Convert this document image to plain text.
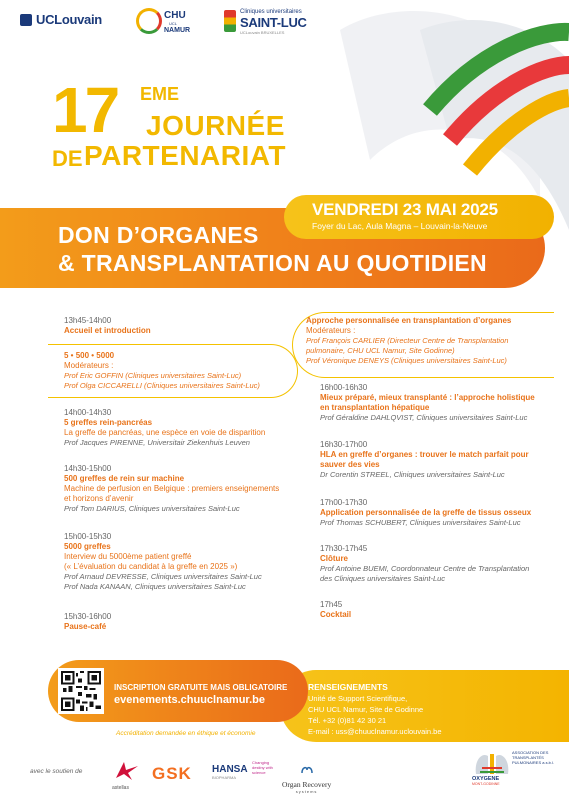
UCLouvain	CHU
UCL
NAMUR
Cliniques universitaires
SAINT-LUC
UCLouvain BRUXELLES
17 EME
JOURNÉE
DE PARTENARIAT
DON D’ORGANES
& TRANSPLANTATION AU QUOTIDIEN
VENDREDI 23 MAI 2025
Foyer du Lac, Aula Magna – Louvain-la-Neuve
13h45-14h00
Accueil et introduction
5 • 500 • 5000
Modérateurs :
Prof Eric GOFFIN (Cliniques universitaires Saint-Luc)
Prof Olga CICCARELLI (Cliniques universitaires Saint-Luc)
14h00-14h30
5 greffes rein-pancréas
La greffe de pancréas, une espèce en voie de disparition
Prof Jacques PIRENNE, Universitair Ziekenhuis Leuven
14h30-15h00
500 greffes de rein sur machine
Machine de perfusion en Belgique : premiers enseignements
et horizons d’avenir
Prof Tom DARIUS, Cliniques universitaires Saint-Luc
15h00-15h30
5000 greffes
Interview du 5000ème patient greffé
(« L’évaluation du candidat à la greffe en 2025 »)
Prof Arnaud DEVRESSE, Cliniques universitaires Saint-Luc
Prof Nada KANAAN, Cliniques universitaires Saint-Luc
15h30-16h00
Pause-café
Approche personnalisée en transplantation d’organes
Modérateurs :
Prof François CARLIER (Directeur Centre de Transplantation
pulmonaire, CHU UCL Namur, Site Godinne)
Prof Véronique DENEYS (Cliniques universitaires Saint-Luc)
16h00-16h30
Mieux préparé, mieux transplanté : l’approche holistique
en transplantation hépatique
Prof Géraldine DAHLQVIST, Cliniques universitaires Saint-Luc
16h30-17h00
HLA en greffe d’organes : trouver le match parfait pour
sauver des vies
Dr Corentin STREEL, Cliniques universitaires Saint-Luc
17h00-17h30
Application personnalisée de la greffe de tissus osseux
Prof Thomas SCHUBERT, Cliniques universitaires Saint-Luc
17h30-17h45
Clôture
Prof Antoine BUEMI, Coordonnateur Centre de Transplantation
des Cliniques universitaires Saint-Luc
17h45
Cocktail
INSCRIPTION GRATUITE MAIS OBLIGATOIRE
evenements.chuuclnamur.be
Accréditation demandée en éthique et économie
RENSEIGNEMENTS
Unité de Support Scientifique,
CHU UCL Namur, Site de Godinne
Tél. +32 (0)81 42 30 21
E-mail : uss@chuuclnamur.uclouvain.be
avec le soutien de
astellas
GSK HANSA
BIOPHARMA
Changing destiny with science
Organ Recovery
systems
OXYGENE
MONT-GODINNE
ASSOCIATION DES TRANSPLANTÉS PULMONAIRES a.s.b.l.
